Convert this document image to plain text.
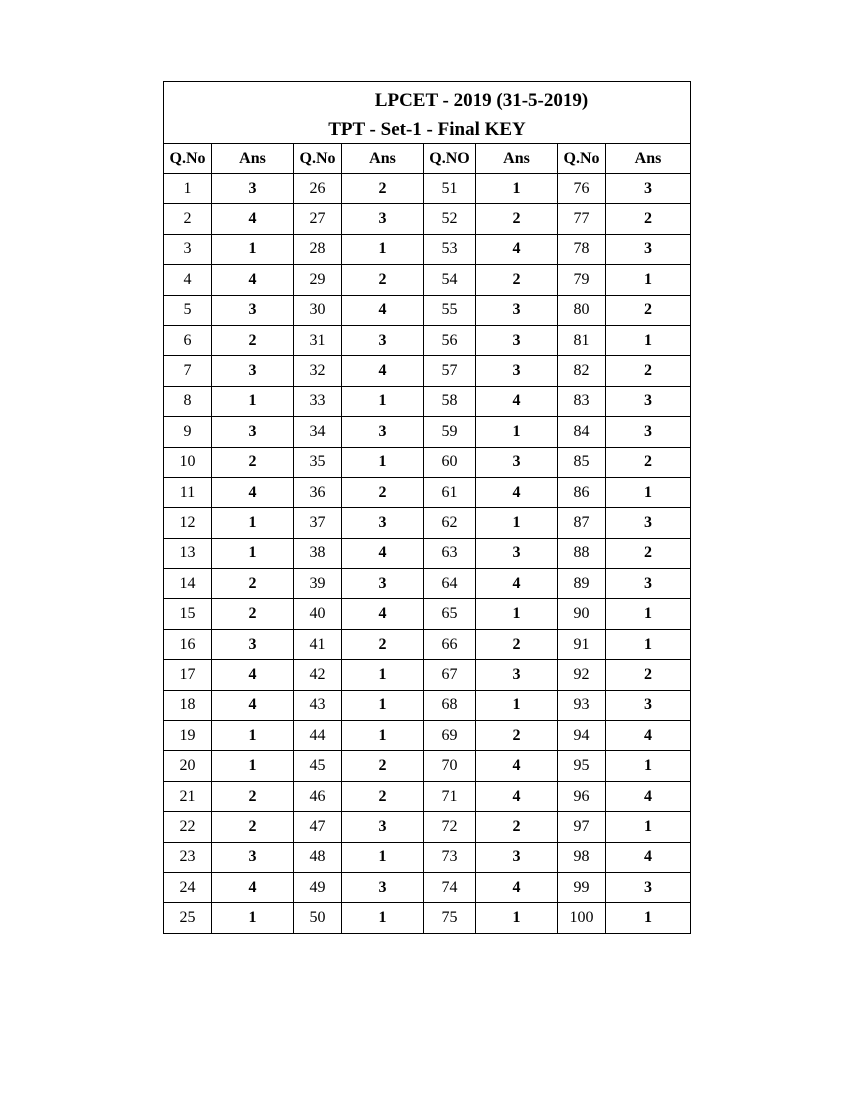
LPCET - 2019 (31-5-2019)
TPT - Set-1 - Final KEY							

Q.No	Ans	Q.No	Ans	Q.NO	Ans	Q.No	Ans
1	3	26	2	51	1	76	3
2	4	27	3	52	2	77	2
3	1	28	1	53	4	78	3
4	4	29	2	54	2	79	1
5	3	30	4	55	3	80	2
6	2	31	3	56	3	81	1
7	3	32	4	57	3	82	2
8	1	33	1	58	4	83	3
9	3	34	3	59	1	84	3
10	2	35	1	60	3	85	2
11	4	36	2	61	4	86	1
12	1	37	3	62	1	87	3
13	1	38	4	63	3	88	2
14	2	39	3	64	4	89	3
15	2	40	4	65	1	90	1
16	3	41	2	66	2	91	1
17	4	42	1	67	3	92	2
18	4	43	1	68	1	93	3
19	1	44	1	69	2	94	4
20	1	45	2	70	4	95	1
21	2	46	2	71	4	96	4
22	2	47	3	72	2	97	1
23	3	48	1	73	3	98	4
24	4	49	3	74	4	99	3
25	1	50	1	75	1	100	1
